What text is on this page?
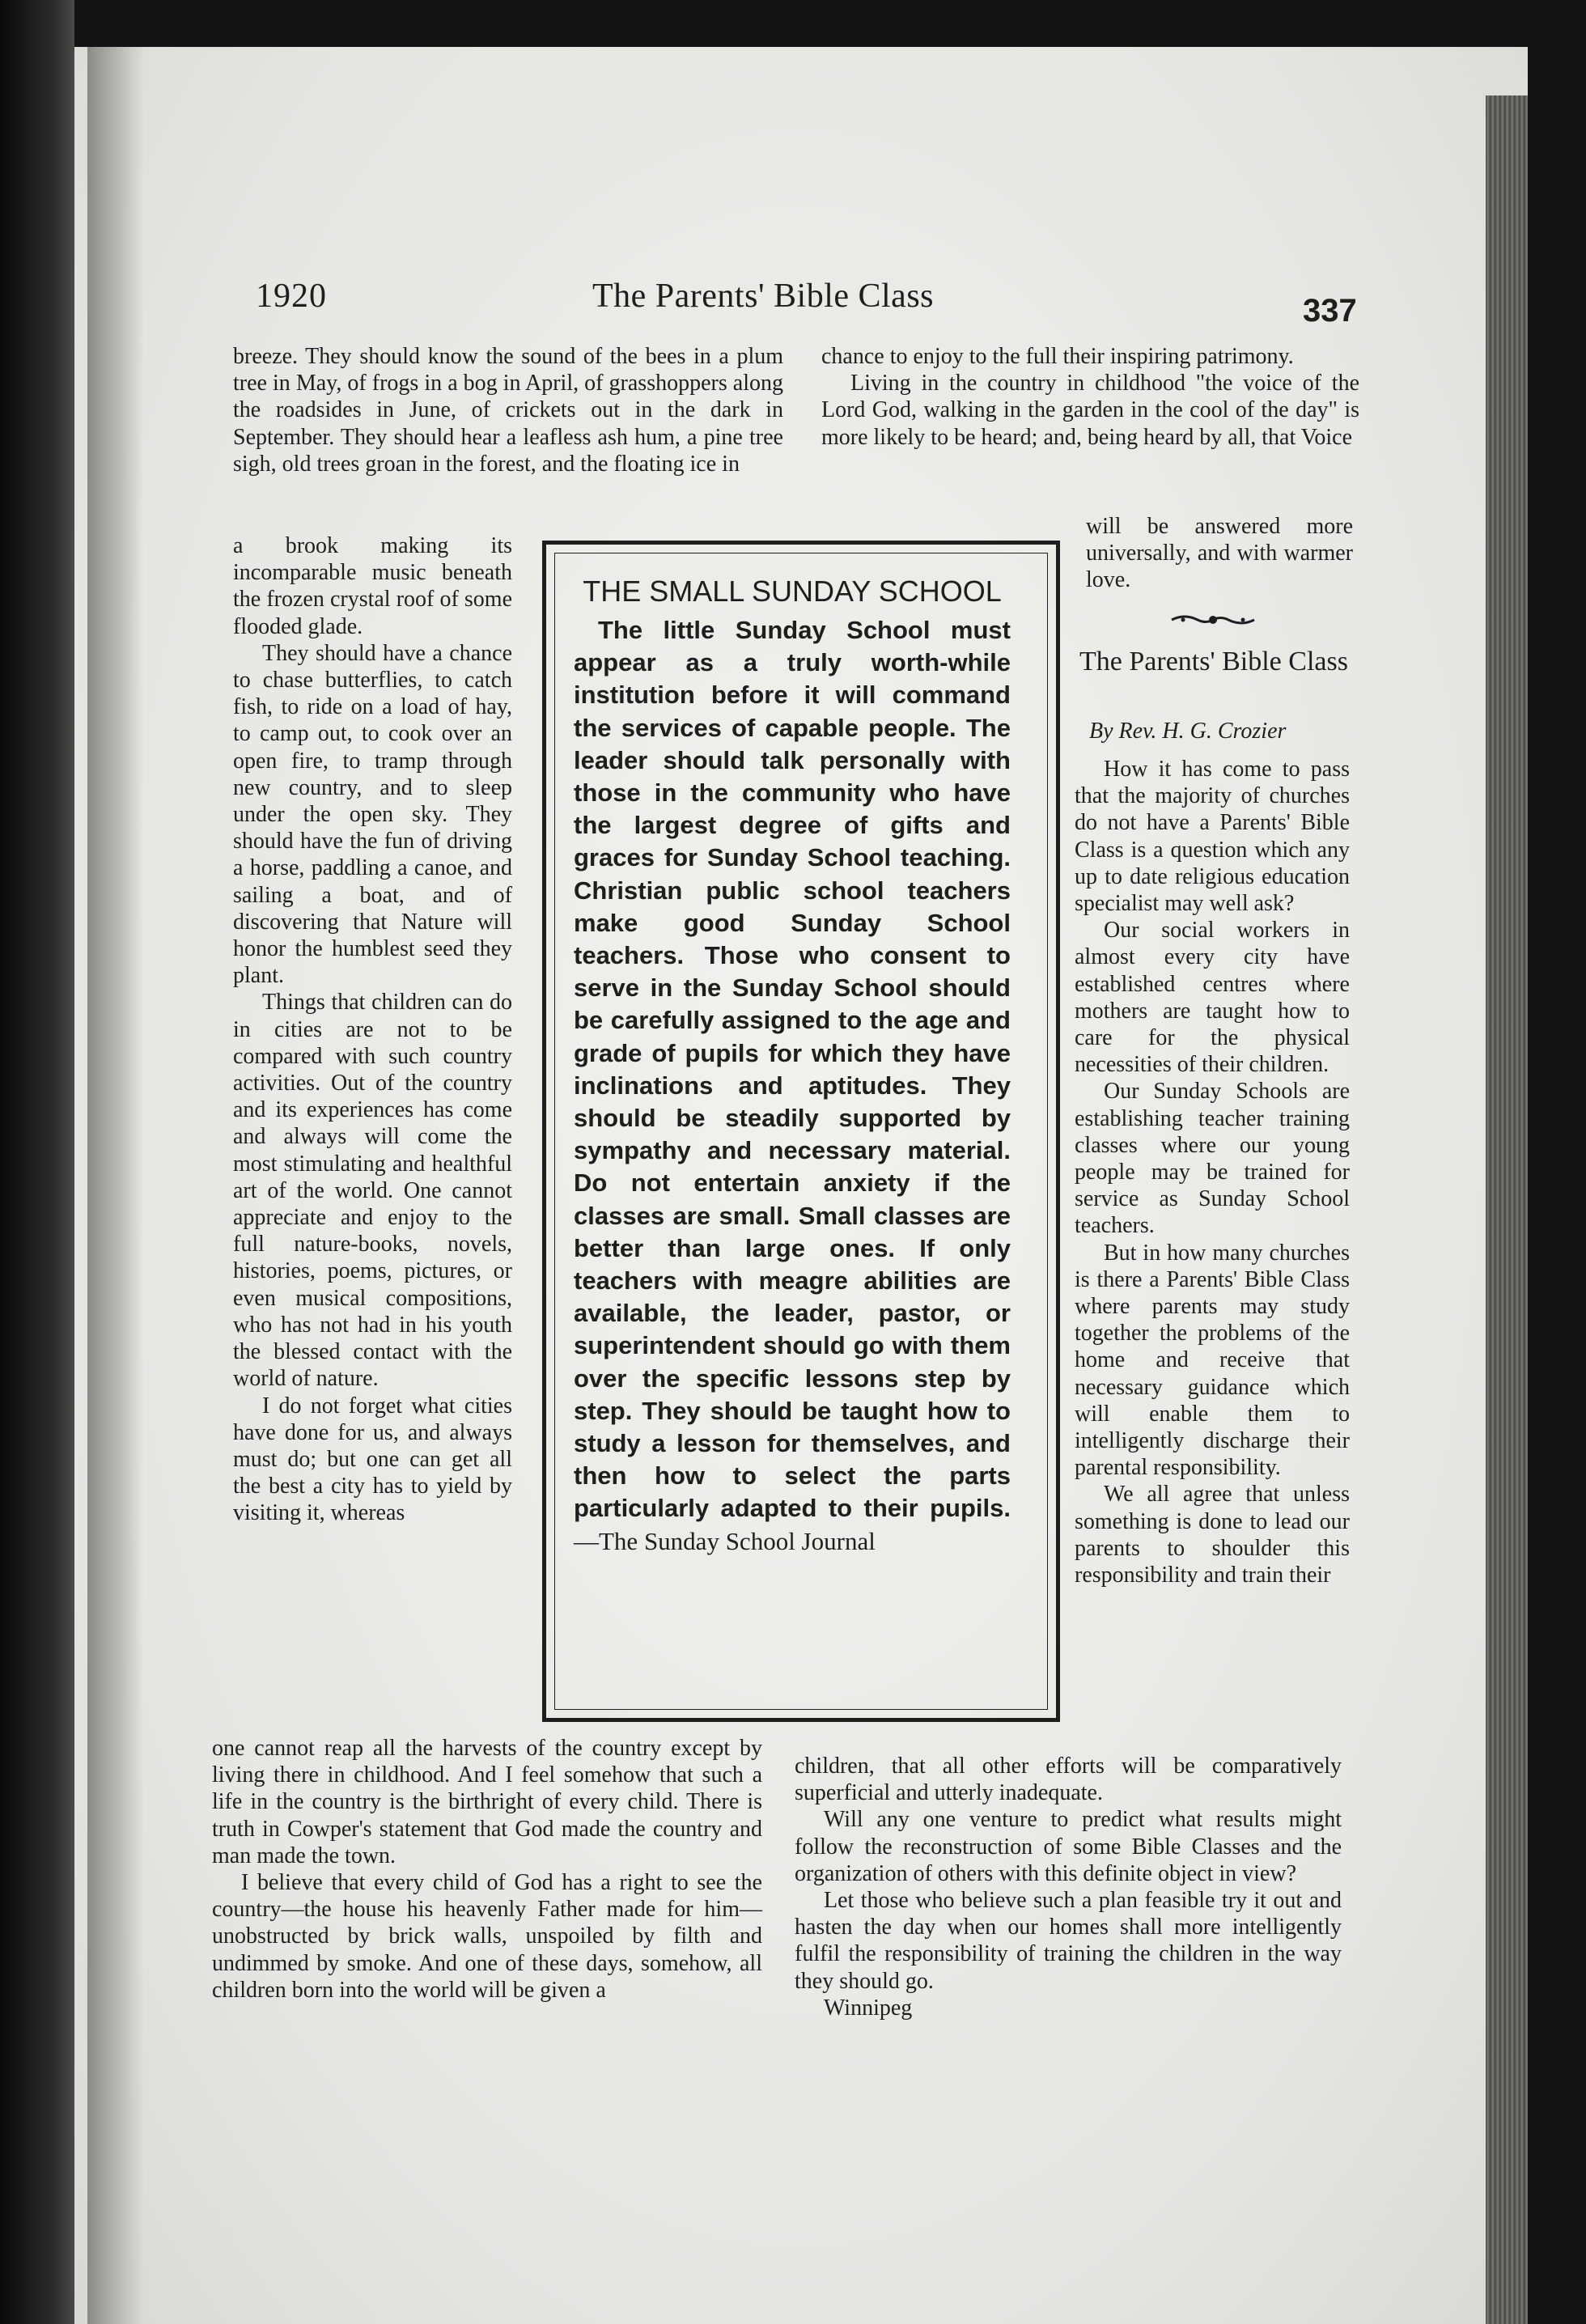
1920	The Parents' Bible Class	337

breeze. They should know the sound of the bees in a plum tree in May, of frogs in a bog in April, of grasshoppers along the roadsides in June, of crickets out in the dark in September. They should hear a leafless ash hum, a pine tree sigh, old trees groan in the forest, and the floating ice in

a brook making its incomparable music beneath the frozen crystal roof of some flooded glade.

They should have a chance to chase butterflies, to catch fish, to ride on a load of hay, to camp out, to cook over an open fire, to tramp through new country, and to sleep under the open sky. They should have the fun of driving a horse, paddling a canoe, and sailing a boat, and of discovering that Nature will honor the humblest seed they plant.

Things that children can do in cities are not to be compared with such country activities. Out of the country and its experiences has come and always will come the most stimulating and healthful art of the world. One cannot appreciate and enjoy to the full nature-books, novels, histories, poems, pictures, or even musical compositions, who has not had in his youth the blessed contact with the world of nature.

I do not forget what cities have done for us, and always must do; but one can get all the best a city has to yield by visiting it, whereas

one cannot reap all the harvests of the country except by living there in childhood. And I feel somehow that such a life in the country is the birthright of every child. There is truth in Cowper's statement that God made the country and man made the town.

I believe that every child of God has a right to see the country—the house his heavenly Father made for him—unobstructed by brick walls, unspoiled by filth and undimmed by smoke. And one of these days, somehow, all children born into the world will be given a

chance to enjoy to the full their inspiring patrimony.

Living in the country in childhood "the voice of the Lord God, walking in the garden in the cool of the day" is more likely to be heard; and, being heard by all, that Voice

will be answered more universally, and with warmer love.

The Parents' Bible Class
By Rev. H. G. Crozier

How it has come to pass that the majority of churches do not have a Parents' Bible Class is a question which any up to date religious education specialist may well ask?

Our social workers in almost every city have established centres where mothers are taught how to care for the physical necessities of their children.

Our Sunday Schools are establishing teacher training classes where our young people may be trained for service as Sunday School teachers.

But in how many churches is there a Parents' Bible Class where parents may study together the problems of the home and receive that necessary guidance which will enable them to intelligently discharge their parental responsibility.

We all agree that unless something is done to lead our parents to shoulder this responsibility and train their

children, that all other efforts will be comparatively superficial and utterly inadequate.

Will any one venture to predict what results might follow the reconstruction of some Bible Classes and the organization of others with this definite object in view?

Let those who believe such a plan feasible try it out and hasten the day when our homes shall more intelligently fulfil the responsibility of training the children in the way they should go.

Winnipeg

THE SMALL SUNDAY SCHOOL

The little Sunday School must appear as a truly worth-while institution before it will command the services of capable people. The leader should talk personally with those in the community who have the largest degree of gifts and graces for Sunday School teaching. Christian public school teachers make good Sunday School teachers. Those who consent to serve in the Sunday School should be carefully assigned to the age and grade of pupils for which they have inclinations and aptitudes. They should be steadily supported by sympathy and necessary material. Do not entertain anxiety if the classes are small. Small classes are better than large ones. If only teachers with meagre abilities are available, the leader, pastor, or superintendent should go with them over the specific lessons step by step. They should be taught how to study a lesson for themselves, and then how to select the parts particularly adapted to their pupils.—The Sunday School Journal
